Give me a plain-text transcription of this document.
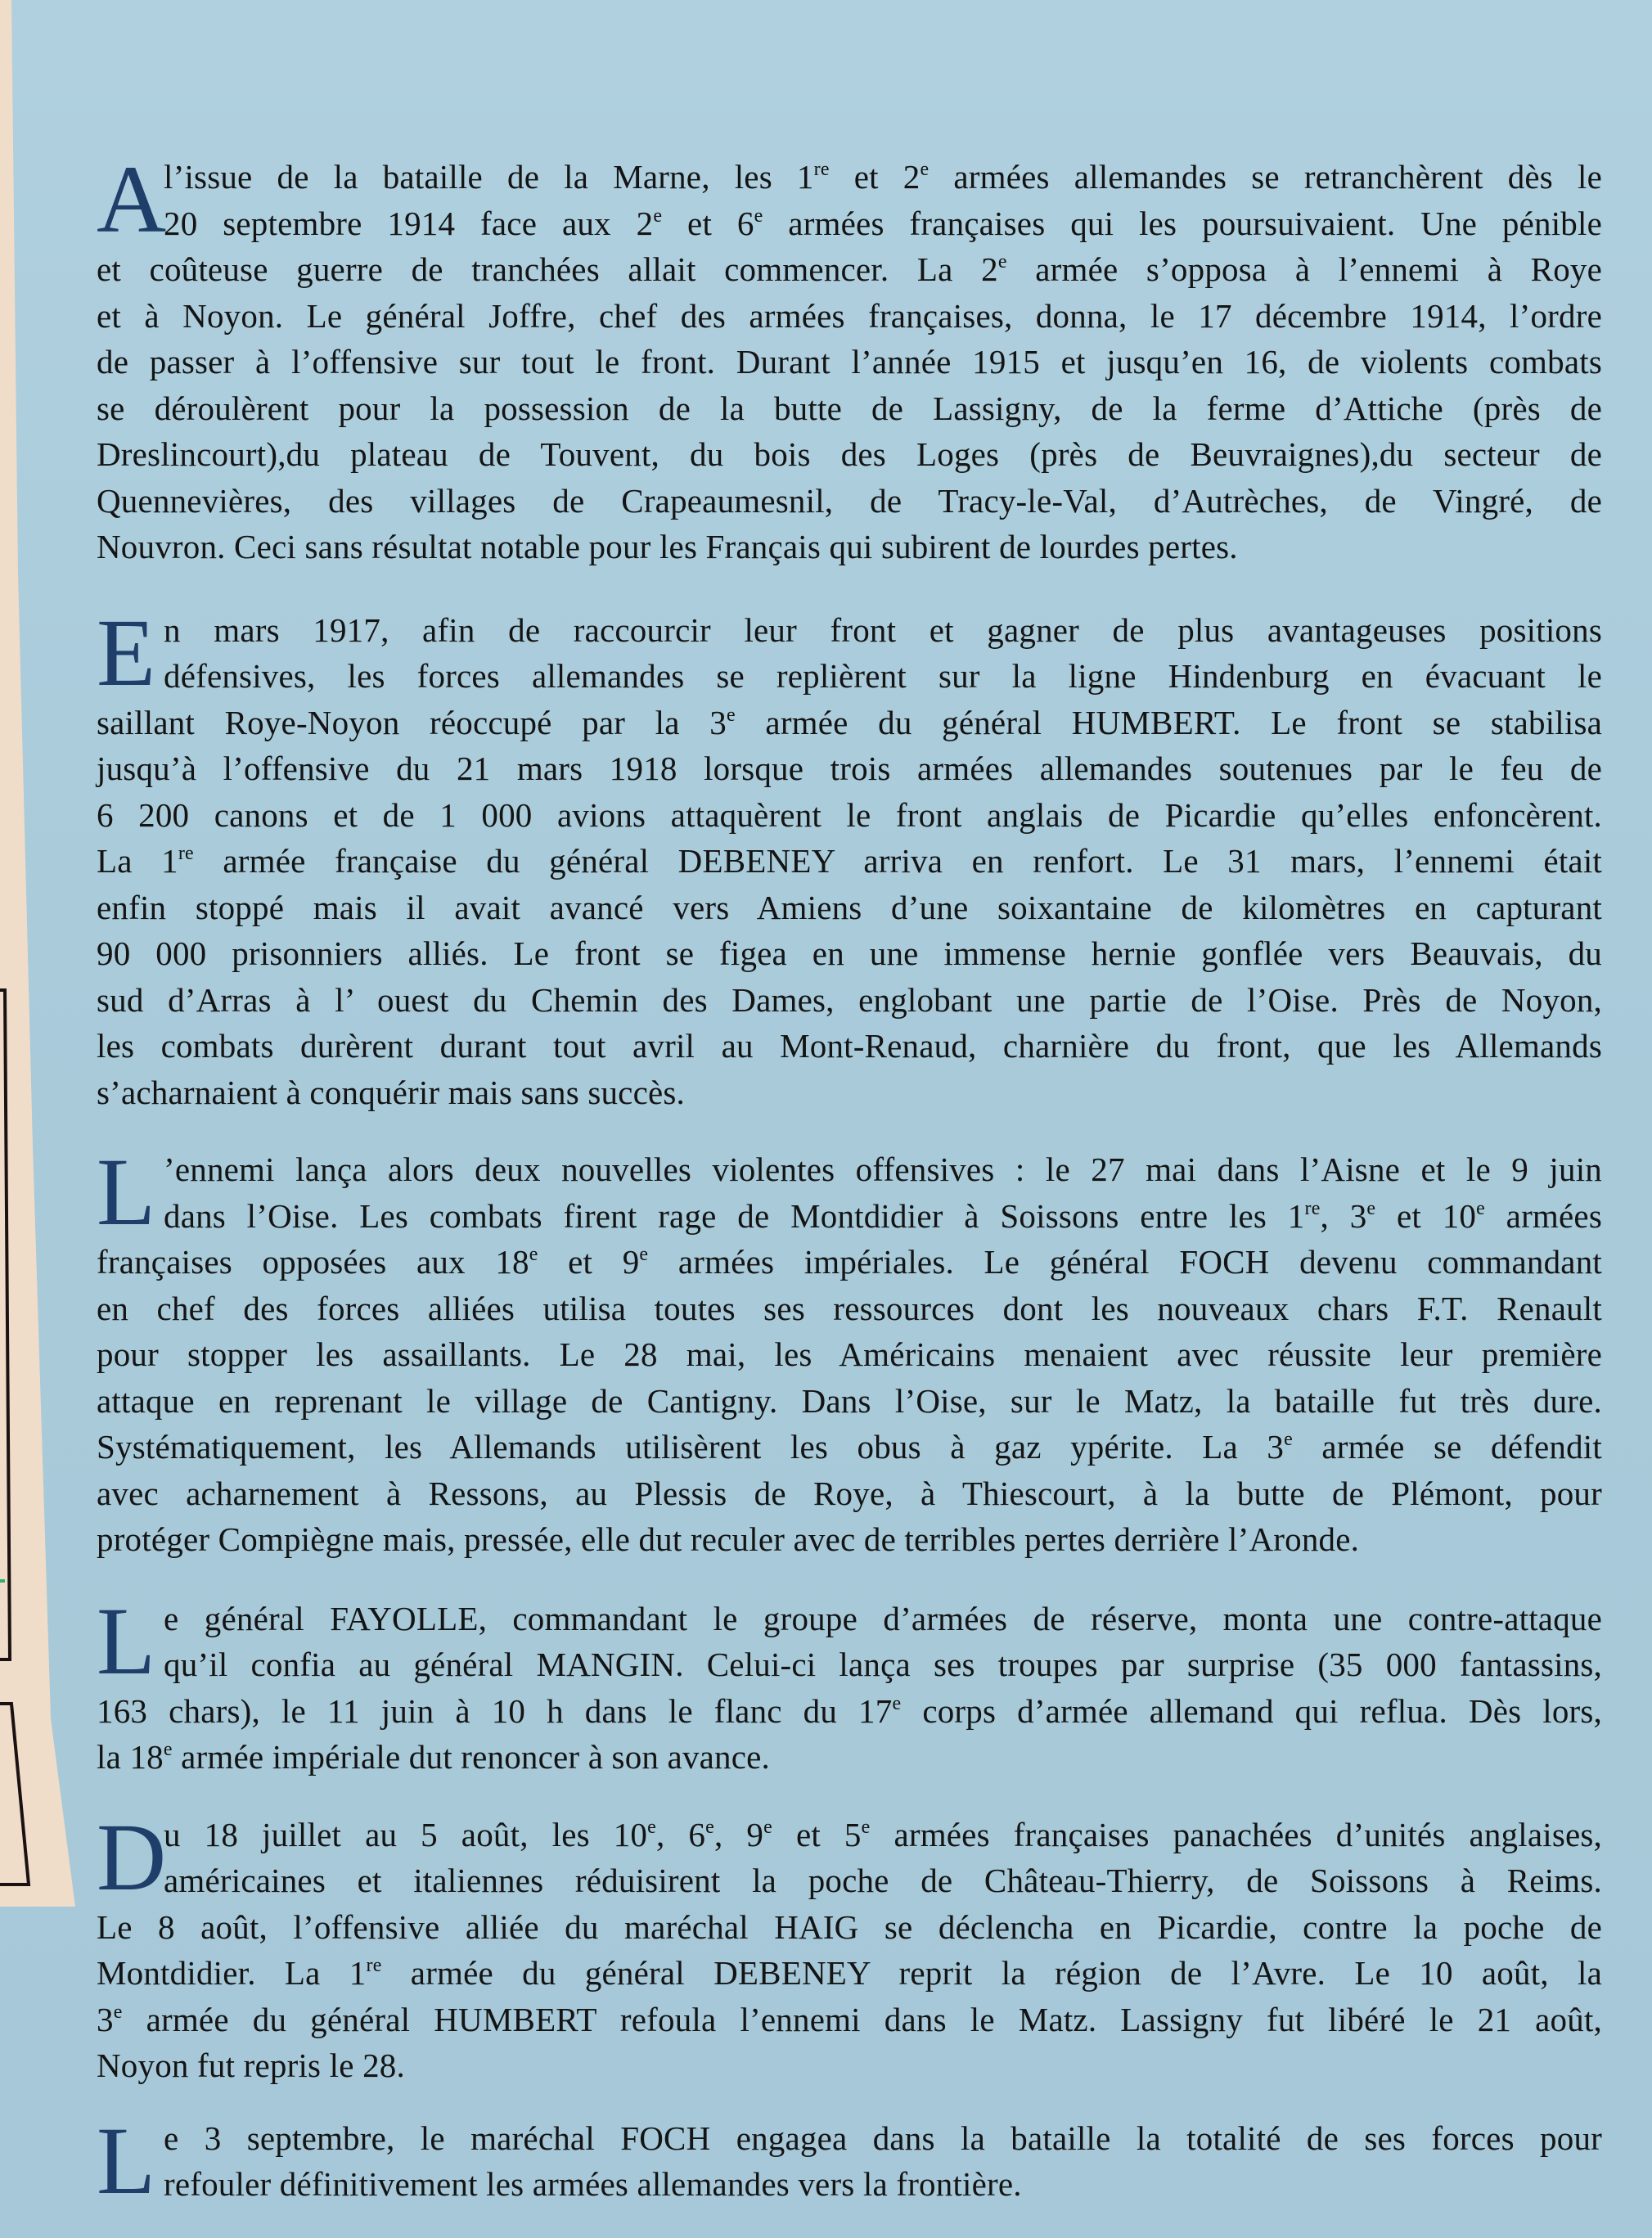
A
l’issue de la bataille de la Marne, les 1re et 2e armées allemandes se retranchèrent dès le
20 septembre 1914 face aux 2e et 6e armées françaises qui les poursuivaient. Une pénible
et coûteuse guerre de tranchées allait commencer. La 2e armée s’opposa à l’ennemi à Roye
et à Noyon. Le général Joffre, chef des armées françaises, donna, le 17 décembre 1914, l’ordre
de passer à l’offensive sur tout le front. Durant l’année 1915 et jusqu’en 16, de violents combats
se déroulèrent pour la possession de la butte de Lassigny, de la ferme d’Attiche (près de
Dreslincourt),du plateau de Touvent, du bois des Loges (près de Beuvraignes),du secteur de
Quennevières, des villages de Crapeaumesnil, de Tracy-le-Val, d’Autrèches, de Vingré, de
Nouvron. Ceci sans résultat notable pour les Français qui subirent de lourdes pertes.
E n mars 1917, afin de raccourcir leur front et gagner de plus avantageuses positions
défensives, les forces allemandes se replièrent sur la ligne Hindenburg en évacuant le
saillant Roye-Noyon réoccupé par la 3e armée du général HUMBERT. Le front se stabilisa
jusqu’à l’offensive du 21 mars 1918 lorsque trois armées allemandes soutenues par le feu de
6 200 canons et de 1 000 avions attaquèrent le front anglais de Picardie qu’elles enfoncèrent.
La 1re armée française du général DEBENEY arriva en renfort. Le 31 mars, l’ennemi était
enfin stoppé mais il avait avancé vers Amiens d’une soixantaine de kilomètres en capturant
90 000 prisonniers alliés. Le front se figea en une immense hernie gonflée vers Beauvais, du
sud d’Arras à l’ ouest du Chemin des Dames, englobant une partie de l’Oise. Près de Noyon,
les combats durèrent durant tout avril au Mont-Renaud, charnière du front, que les Allemands
s’acharnaient à conquérir mais sans succès.
L ’ennemi lança alors deux nouvelles violentes offensives : le 27 mai dans l’Aisne et le 9 juin
dans l’Oise. Les combats firent rage de Montdidier à Soissons entre les 1re, 3e et 10e armées
françaises opposées aux 18e et 9e armées impériales. Le général FOCH devenu commandant
en chef des forces alliées utilisa toutes ses ressources dont les nouveaux chars F.T. Renault
pour stopper les assaillants. Le 28 mai, les Américains menaient avec réussite leur première
attaque en reprenant le village de Cantigny. Dans l’Oise, sur le Matz, la bataille fut très dure.
Systématiquement, les Allemands utilisèrent les obus à gaz ypérite. La 3e armée se défendit
avec acharnement à Ressons, au Plessis de Roye, à Thiescourt, à la butte de Plémont, pour
protéger Compiègne mais, pressée, elle dut reculer avec de terribles pertes derrière l’Aronde.
L e général FAYOLLE, commandant le groupe d’armées de réserve, monta une contre-attaque
qu’il confia au général MANGIN. Celui-ci lança ses troupes par surprise (35 000 fantassins,
163 chars), le 11 juin à 10 h dans le flanc du 17e corps d’armée allemand qui reflua. Dès lors,
la 18e armée impériale dut renoncer à son avance.
D
u 18 juillet au 5 août, les 10e, 6e, 9e et 5e armées françaises panachées d’unités anglaises,
américaines et italiennes réduisirent la poche de Château-Thierry, de Soissons à Reims.
Le 8 août, l’offensive alliée du maréchal HAIG se déclencha en Picardie, contre la poche de
Montdidier. La 1re armée du général DEBENEY reprit la région de l’Avre. Le 10 août, la
3e armée du général HUMBERT refoula l’ennemi dans le Matz. Lassigny fut libéré le 21 août,
Noyon fut repris le 28.
L e 3 septembre, le maréchal FOCH engagea dans la bataille la totalité de ses forces pour
refouler définitivement les armées allemandes vers la frontière.
